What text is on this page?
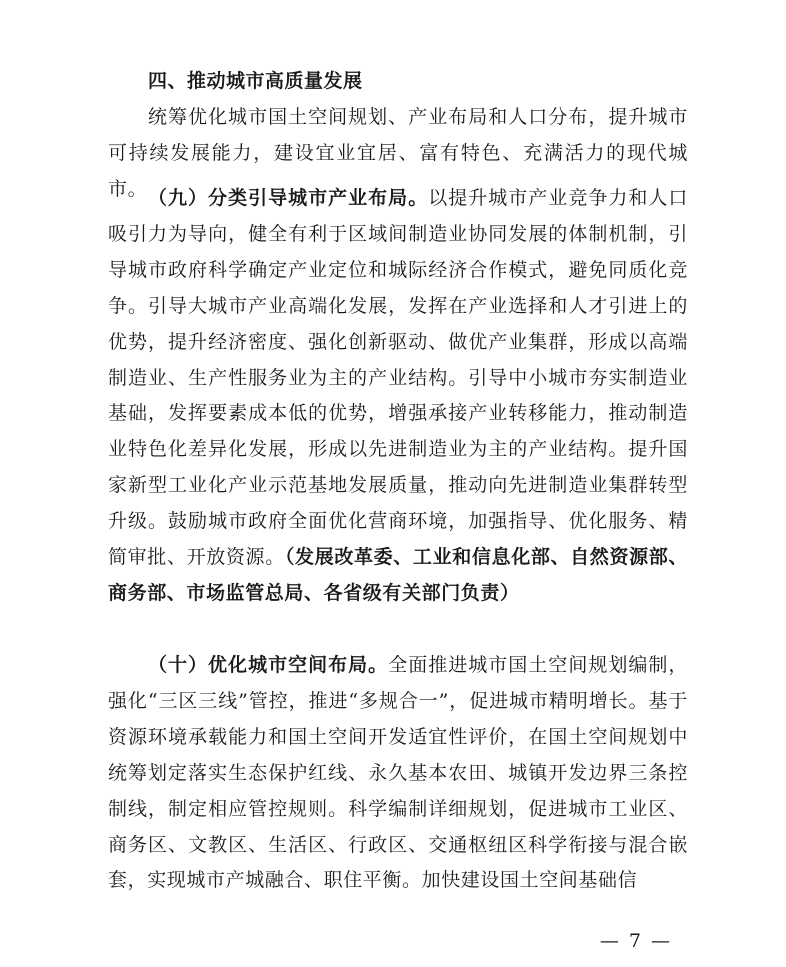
四、推动城市高质量发展

统筹优化城市国土空间规划、产业布局和人口分布，提升城市可持续发展能力，建设宜业宜居、富有特色、充满活力的现代城市。 （九）分类引导城市产业布局。以提升城市产业竞争力和人口吸引力为导向，健全有利于区域间制造业协同发展的体制机制，引导城市政府科学确定产业定位和城际经济合作模式，避免同质化竞争。引导大城市产业高端化发展，发挥在产业选择和人才引进上的优势，提升经济密度、强化创新驱动、做优产业集群，形成以高端制造业、生产性服务业为主的产业结构。引导中小城市夯实制造业基础，发挥要素成本低的优势，增强承接产业转移能力，推动制造业特色化差异化发展，形成以先进制造业为主的产业结构。提升国家新型工业化产业示范基地发展质量，推动向先进制造业集群转型升级。鼓励城市政府全面优化营商环境，加强指导、优化服务、精简审批、开放资源。（发展改革委、工业和信息化部、自然资源部、商务部、市场监管总局、各省级有关部门负责）

（十）优化城市空间布局。全面推进城市国土空间规划编制，强化“三区三线”管控，推进“多规合一”，促进城市精明增长。基于资源环境承载能力和国土空间开发适宜性评价，在国土空间规划中统筹划定落实生态保护红线、永久基本农田、城镇开发边界三条控制线，制定相应管控规则。科学编制详细规划，促进城市工业区、商务区、文教区、生活区、行政区、交通枢纽区科学衔接与混合嵌套，实现城市产城融合、职住平衡。加快建设国土空间基础信

— 7 —
